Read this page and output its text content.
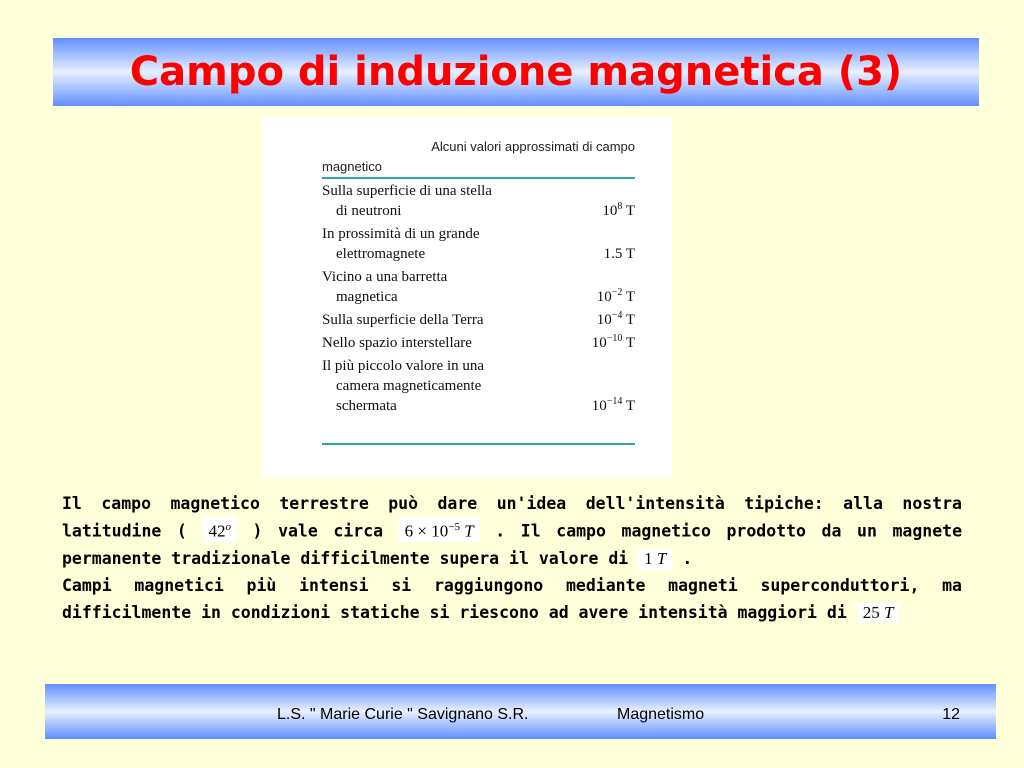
Campo di induzione magnetica (3)
Alcuni valori approssimati di campo
magnetico
Sulla superficie di una stella
di neutroni	$10^8$ T
In prossimità di un grande
elettromagnete	1.5 T
Vicino a una barretta
magnetica	$10^{-2}$ T
Sulla superficie della Terra	$10^{-4}$ T
Nello spazio interstellare	$10^{-10}$ T
Il più piccolo valore in una
camera magneticamente
schermata	$10^{-14}$ T

Il campo magnetico terrestre può dare un'idea dell'intensità tipiche: alla nostra latitudine ( 42$^o$ ) vale circa $6 \times 10^{-5}$ T . Il campo magnetico prodotto da un magnete permanente tradizionale difficilmente supera il valore di 1 T .

Campi magnetici più intensi si raggiungono mediante magneti superconduttori, ma difficilmente in condizioni statiche si riescono ad avere intensità maggiori di 25 T

L.S. " Marie Curie " Savignano S.R.	Magnetismo	12
